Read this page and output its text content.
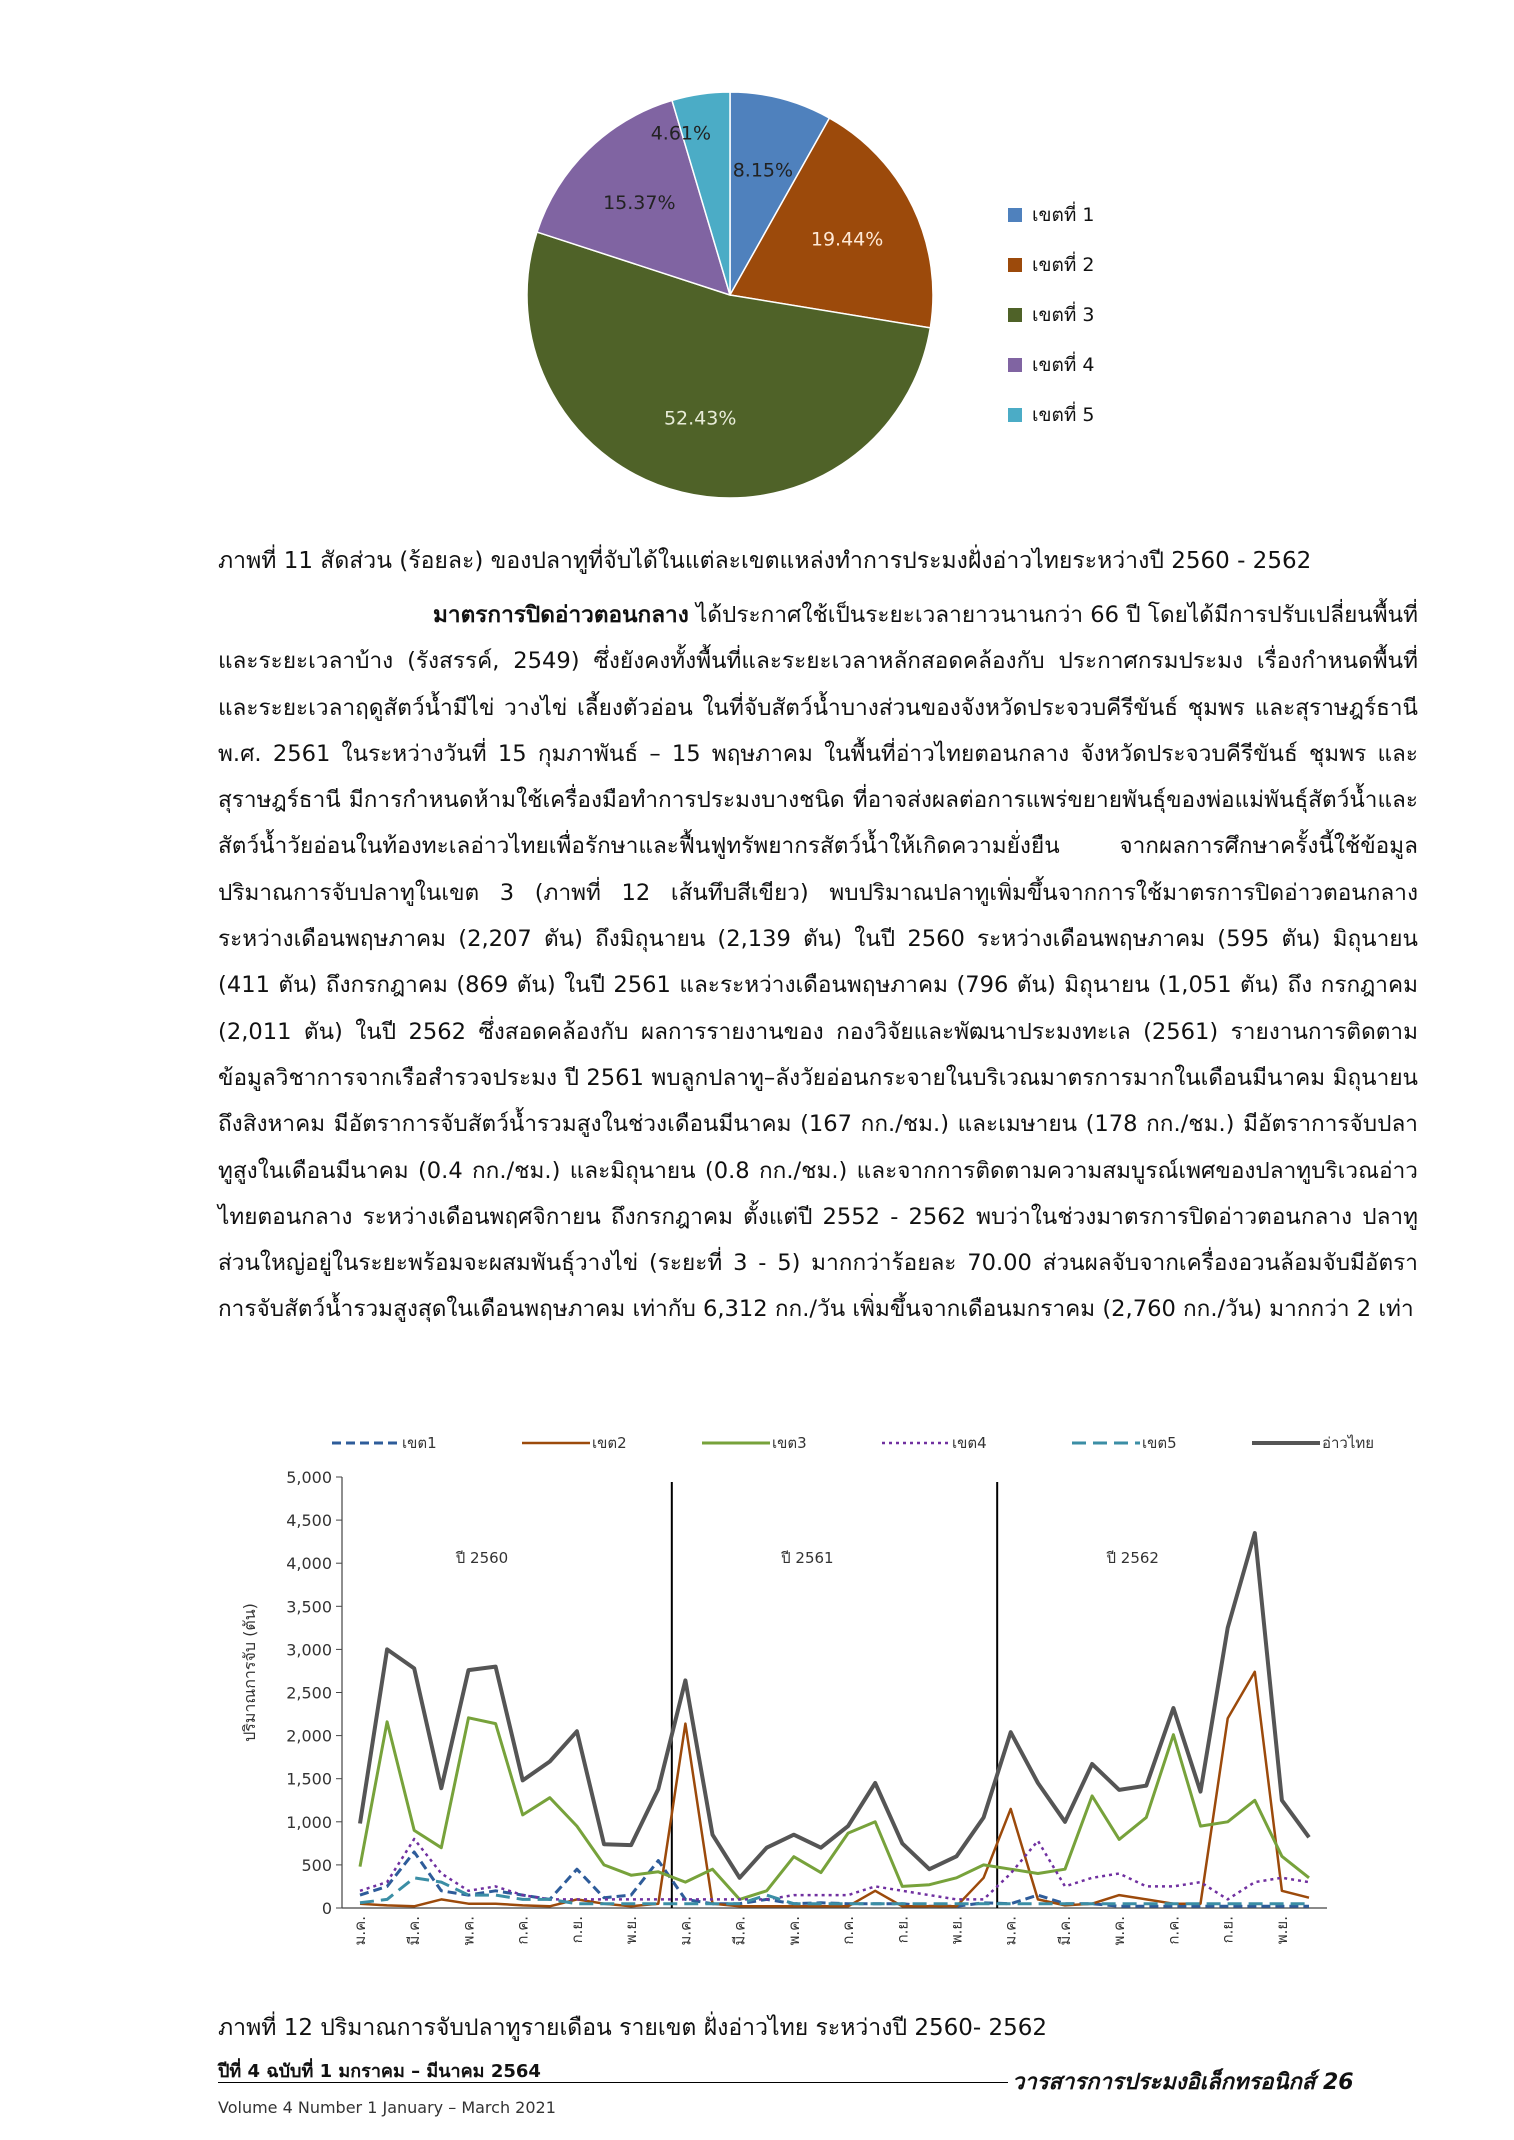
8.15%
19.44%
52.43%
15.37%
4.61%
เขตที่ 1
เขตที่ 2
เขตที่ 3
เขตที่ 4
เขตที่ 5
ภาพที่ 11 สัดส่วน (ร้อยละ) ของปลาทูที่จับได้ในแต่ละเขตแหล่งทำการประมงฝั่งอ่าวไทยระหว่างปี 2560 - 2562

มาตรการปิดอ่าวตอนกลาง ได้ประกาศใช้เป็นระยะเวลายาวนานกว่า 66 ปี โดยได้มีการปรับเปลี่ยนพื้นที่และระยะเวลาบ้าง (รังสรรค์, 2549) ซึ่งยังคงทั้งพื้นที่และระยะเวลาหลักสอดคล้องกับ ประกาศกรมประมง เรื่องกำหนดพื้นที่และระยะเวลาฤดูสัตว์น้ำมีไข่ วางไข่ เลี้ยงตัวอ่อน ในที่จับสัตว์น้ำบางส่วนของจังหวัดประจวบคีรีขันธ์ ชุมพร และสุราษฎร์ธานี พ.ศ. 2561 ในระหว่างวันที่ 15 กุมภาพันธ์ – 15 พฤษภาคม ในพื้นที่อ่าวไทยตอนกลาง จังหวัดประจวบคีรีขันธ์ ชุมพร และสุราษฎร์ธานี มีการกำหนดห้ามใช้เครื่องมือทำการประมงบางชนิด ที่อาจส่งผลต่อการแพร่ขยายพันธุ์ของพ่อแม่พันธุ์สัตว์น้ำและสัตว์น้ำวัยอ่อนในท้องทะเลอ่าวไทยเพื่อรักษาและฟื้นฟูทรัพยากรสัตว์น้ำให้เกิดความยั่งยืน จากผลการศึกษาครั้งนี้ใช้ข้อมูลปริมาณการจับปลาทูในเขต 3 (ภาพที่ 12 เส้นทึบสีเขียว) พบปริมาณปลาทูเพิ่มขึ้นจากการใช้มาตรการปิดอ่าวตอนกลางระหว่างเดือนพฤษภาคม (2,207 ตัน) ถึงมิถุนายน (2,139 ตัน) ในปี 2560 ระหว่างเดือนพฤษภาคม (595 ตัน) มิถุนายน (411 ตัน) ถึงกรกฎาคม (869 ตัน) ในปี 2561 และระหว่างเดือนพฤษภาคม (796 ตัน) มิถุนายน (1,051 ตัน) ถึง กรกฎาคม (2,011 ตัน) ในปี 2562 ซึ่งสอดคล้องกับ ผลการรายงานของ กองวิจัยและพัฒนาประมงทะเล (2561) รายงานการติดตามข้อมูลวิชาการจากเรือสำรวจประมง ปี 2561 พบลูกปลาทู–ลังวัยอ่อนกระจายในบริเวณมาตรการมากในเดือนมีนาคม มิถุนายน ถึงสิงหาคม มีอัตราการจับสัตว์น้ำรวมสูงในช่วงเดือนมีนาคม (167 กก./ชม.) และเมษายน (178 กก./ชม.) มีอัตราการจับปลาทูสูงในเดือนมีนาคม (0.4 กก./ชม.) และมิถุนายน (0.8 กก./ชม.) และจากการติดตามความสมบูรณ์เพศของปลาทูบริเวณอ่าวไทยตอนกลาง ระหว่างเดือนพฤศจิกายน ถึงกรกฎาคม ตั้งแต่ปี 2552 - 2562 พบว่าในช่วงมาตรการปิดอ่าวตอนกลาง ปลาทูส่วนใหญ่อยู่ในระยะพร้อมจะผสมพันธุ์วางไข่ (ระยะที่ 3 - 5) มากกว่าร้อยละ 70.00 ส่วนผลจับจากเครื่องอวนล้อมจับมีอัตราการจับสัตว์น้ำรวมสูงสุดในเดือนพฤษภาคม เท่ากับ 6,312 กก./วัน เพิ่มขึ้นจากเดือนมกราคม (2,760 กก./วัน) มากกว่า 2 เท่า

เขต1	เขต2	เขต3	เขต4	เขต5	อ่าวไทย
0
500
1,000
1,500
2,000
2,500
3,000
3,500
4,000
4,500
5,000
ปริมาณการจับ (ตัน)
ม.ค. มี.ค. พ.ค. ก.ค. ก.ย. พ.ย. ม.ค. มี.ค. พ.ค. ก.ค. ก.ย. พ.ย. ม.ค. มี.ค. พ.ค. ก.ค. ก.ย. พ.ย.
ปี 2560	ปี 2561	ปี 2562
ภาพที่ 12 ปริมาณการจับปลาทูรายเดือน รายเขต ฝั่งอ่าวไทย ระหว่างปี 2560- 2562
ปีที่ 4 ฉบับที่ 1 มกราคม – มีนาคม 2564	วารสารการประมงอิเล็กทรอนิกส์ 26
Volume 4 Number 1 January – March 2021
